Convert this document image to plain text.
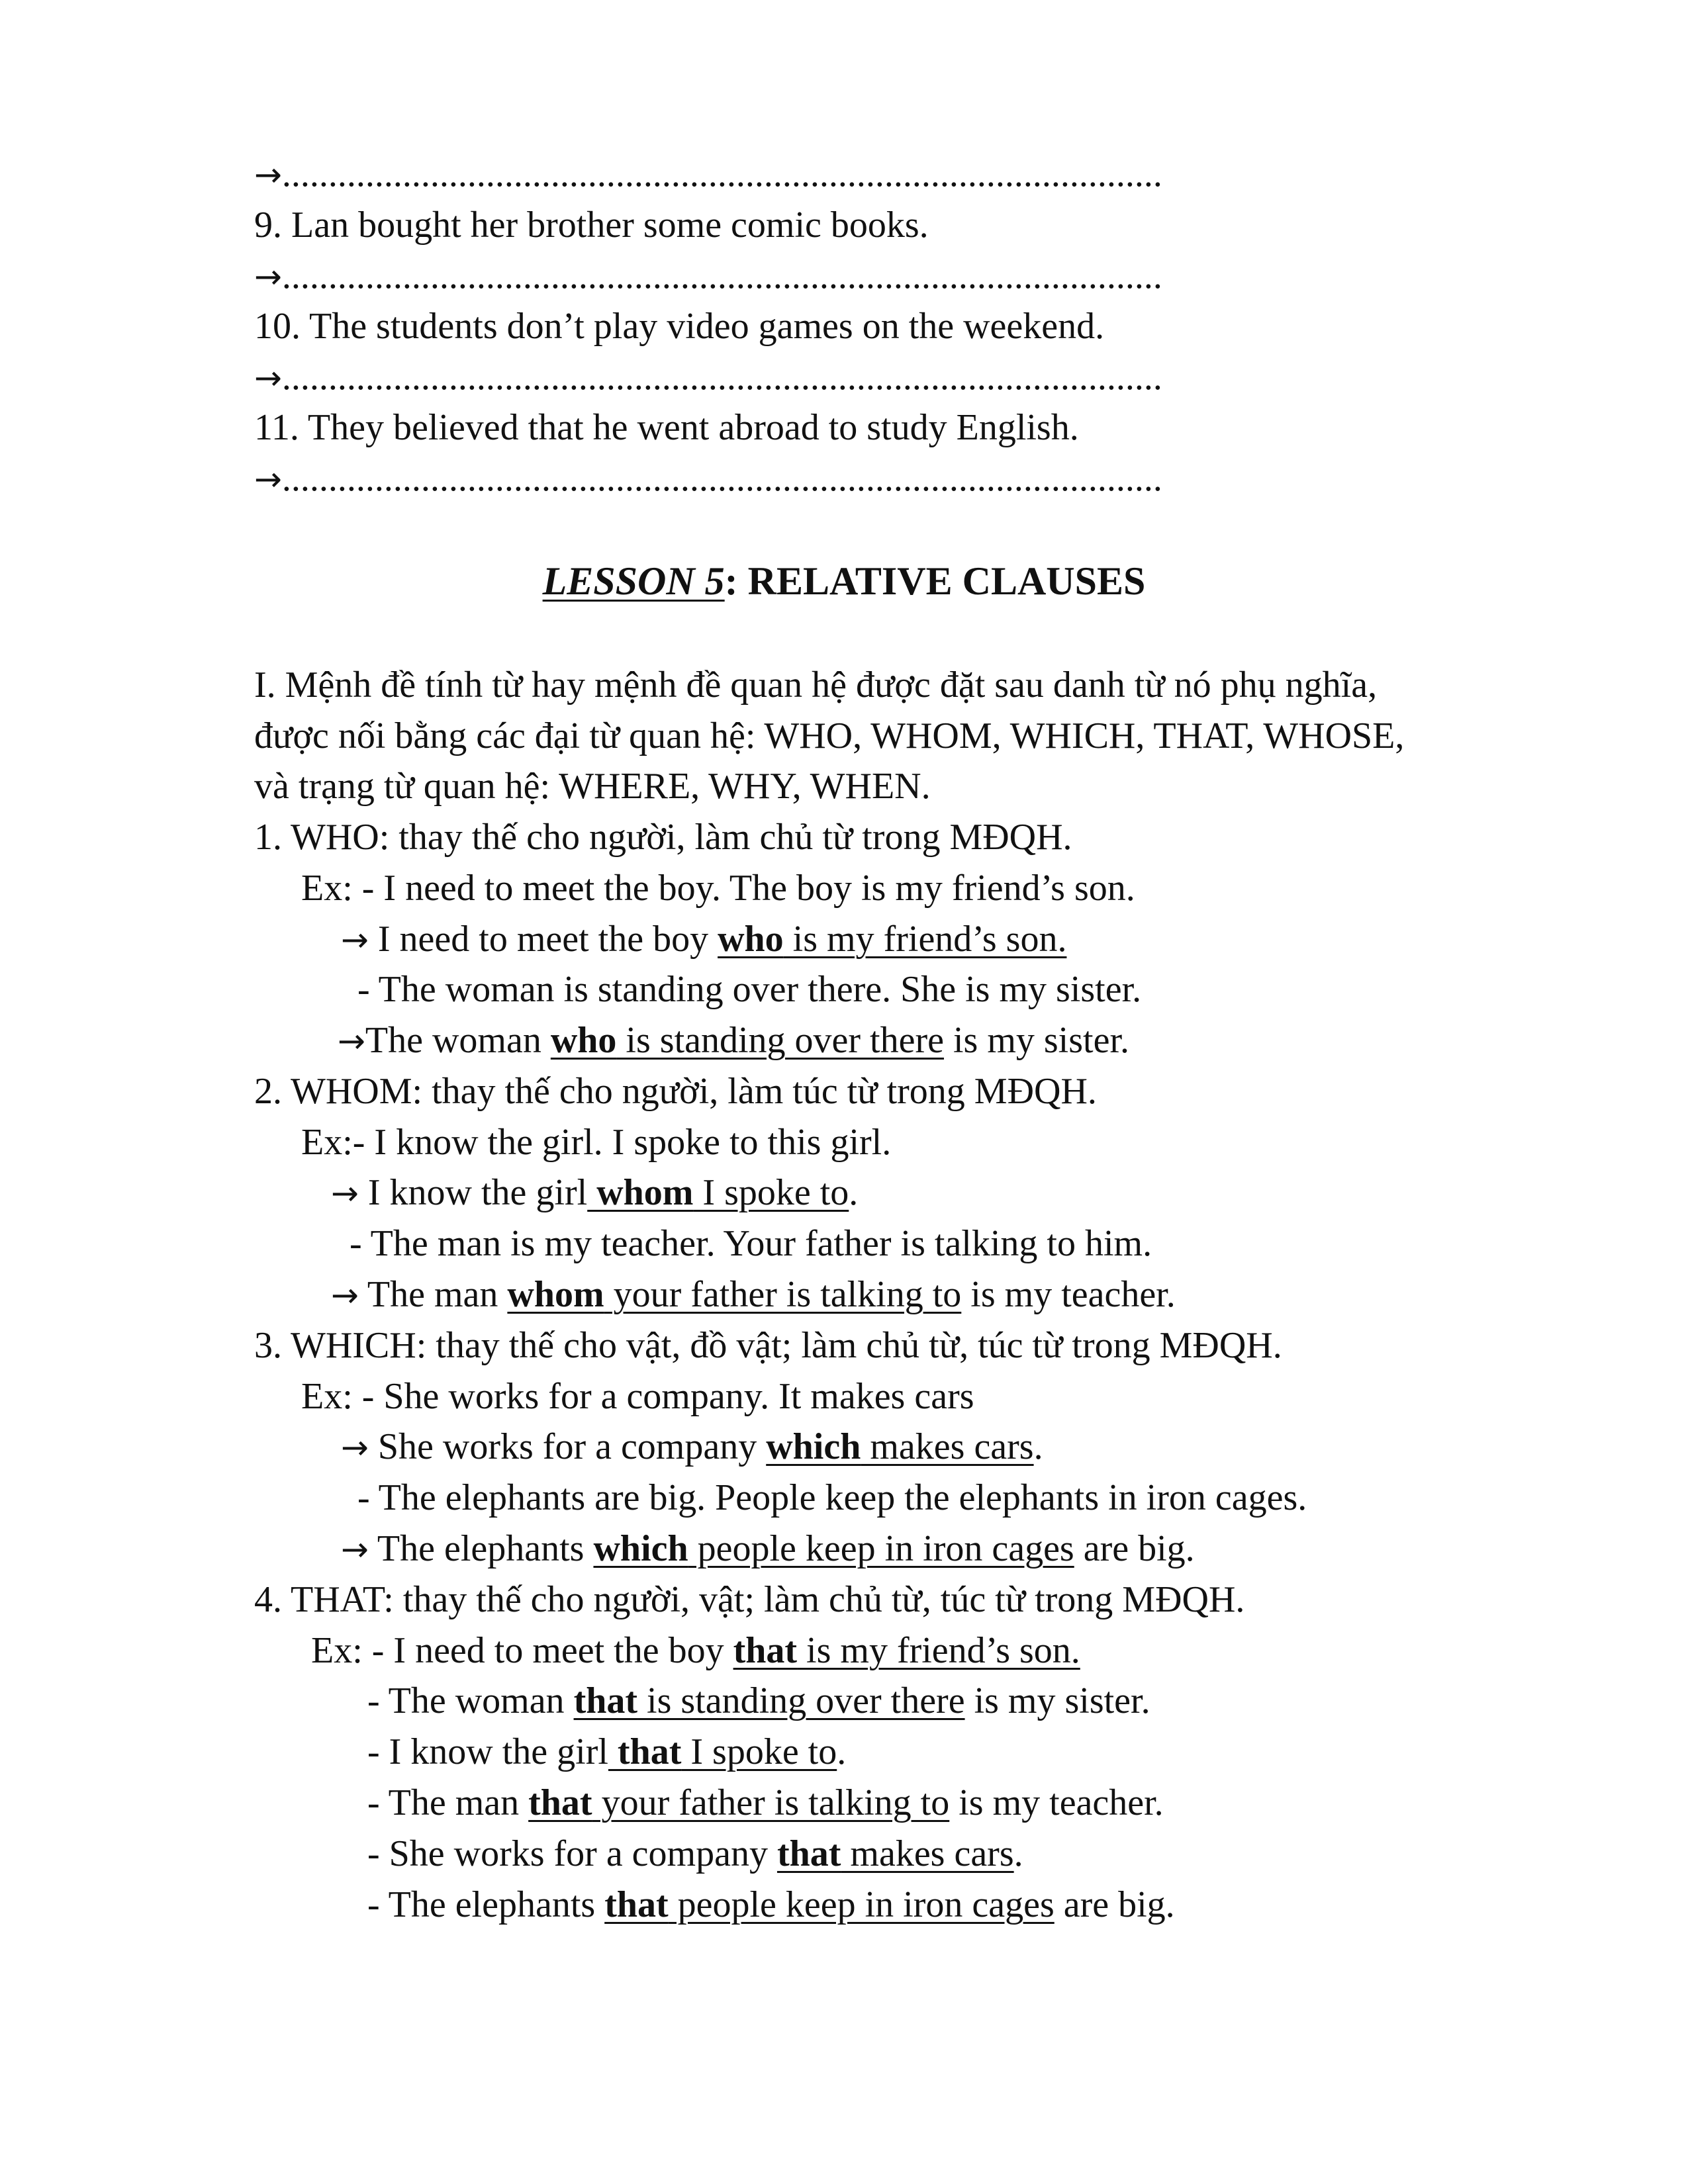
→...............................................................................................
9. Lan bought her brother some comic books.
→...............................................................................................
10. The students don’t play video games on the weekend.
→...............................................................................................
11. They believed that he went abroad to study English.
→...............................................................................................
LESSON 5: RELATIVE CLAUSES
I. Mệnh đề tính từ hay mệnh đề quan hệ được đặt sau danh từ nó phụ nghĩa,
được nối bằng các đại từ quan hệ: WHO, WHOM, WHICH, THAT, WHOSE,
và trạng từ quan hệ: WHERE, WHY, WHEN.
1. WHO: thay thế cho người, làm chủ từ trong MĐQH.
Ex: - I need to meet the boy. The boy is my friend’s son.
→ I need to meet the boy who is my friend’s son.
- The woman is standing over there. She is my sister.
→The woman who is standing over there is my sister.
2. WHOM: thay thế cho người, làm túc từ trong MĐQH.
Ex:- I know the girl. I spoke to this girl.
→ I know the girl whom I spoke to.
- The man is my teacher. Your father is talking to him.
→ The man whom your father is talking to is my teacher.
3. WHICH: thay thế cho vật, đồ vật; làm chủ từ, túc từ trong MĐQH.
Ex: - She works for a company. It makes cars
→ She works for a company which makes cars.
- The elephants are big. People keep the elephants in iron cages.
→ The elephants which people keep in iron cages are big.
4. THAT: thay thế cho người, vật; làm chủ từ, túc từ trong MĐQH.
Ex: - I need to meet the boy that is my friend’s son.
- The woman that is standing over there is my sister.
- I know the girl that I spoke to.
- The man that your father is talking to is my teacher.
- She works for a company that makes cars.
- The elephants that people keep in iron cages are big.
